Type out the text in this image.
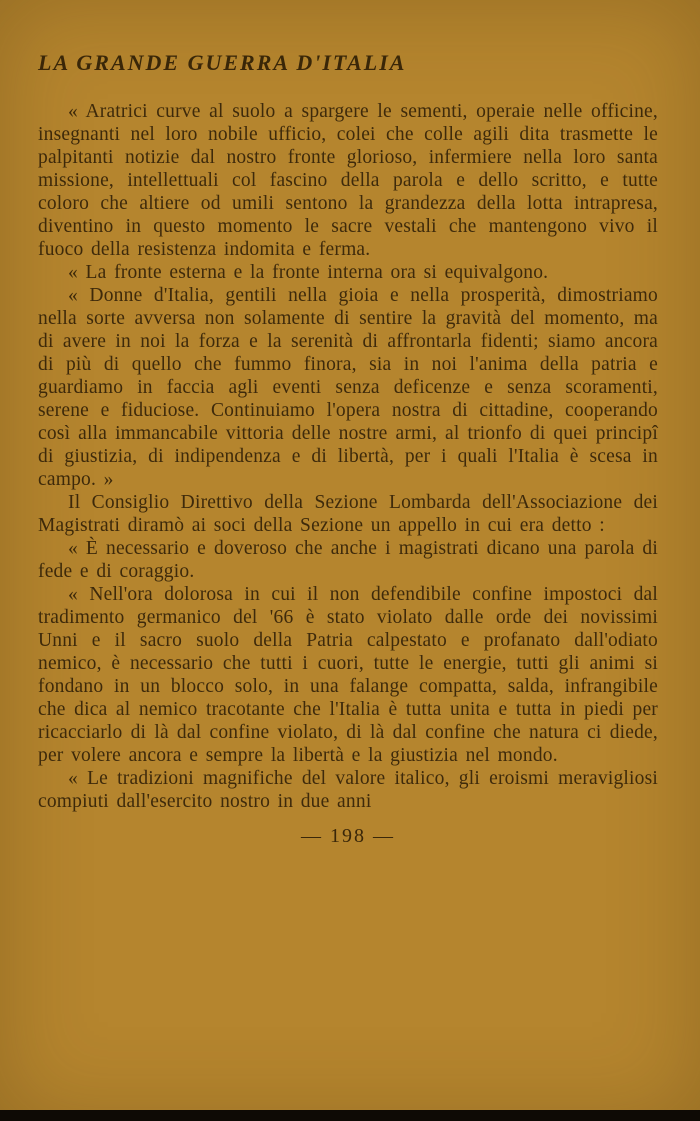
LA GRANDE GUERRA D'ITALIA

« Aratrici curve al suolo a spargere le sementi, operaie nelle officine, insegnanti nel loro nobile ufficio, colei che colle agili dita trasmette le palpitanti notizie dal nostro fronte glorioso, infermiere nella loro santa missione, intellettuali col fascino della parola e dello scritto, e tutte coloro che altiere od umili sentono la grandezza della lotta intrapresa, diventino in questo momento le sacre vestali che mantengono vivo il fuoco della resistenza indomita e ferma.

« La fronte esterna e la fronte interna ora si equivalgono.

« Donne d'Italia, gentili nella gioia e nella prosperità, dimostriamo nella sorte avversa non solamente di sentire la gravità del momento, ma di avere in noi la forza e la serenità di affrontarla fidenti; siamo ancora di più di quello che fummo finora, sia in noi l'anima della patria e guardiamo in faccia agli eventi senza deficenze e senza scoramenti, serene e fiduciose. Continuiamo l'opera nostra di cittadine, cooperando così alla immancabile vittoria delle nostre armi, al trionfo di quei principî di giustizia, di indipendenza e di libertà, per i quali l'Italia è scesa in campo. »

Il Consiglio Direttivo della Sezione Lombarda dell'Associazione dei Magistrati diramò ai soci della Sezione un appello in cui era detto :

« È necessario e doveroso che anche i magistrati dicano una parola di fede e di coraggio.

« Nell'ora dolorosa in cui il non defendibile confine impostoci dal tradimento germanico del '66 è stato violato dalle orde dei novissimi Unni e il sacro suolo della Patria calpestato e profanato dall'odiato nemico, è necessario che tutti i cuori, tutte le energie, tutti gli animi si fondano in un blocco solo, in una falange compatta, salda, infrangibile che dica al nemico tracotante che l'Italia è tutta unita e tutta in piedi per ricacciarlo di là dal confine violato, di là dal confine che natura ci diede, per volere ancora e sempre la libertà e la giustizia nel mondo.

« Le tradizioni magnifiche del valore italico, gli eroismi meravigliosi compiuti dall'esercito nostro in due anni

— 198 —
